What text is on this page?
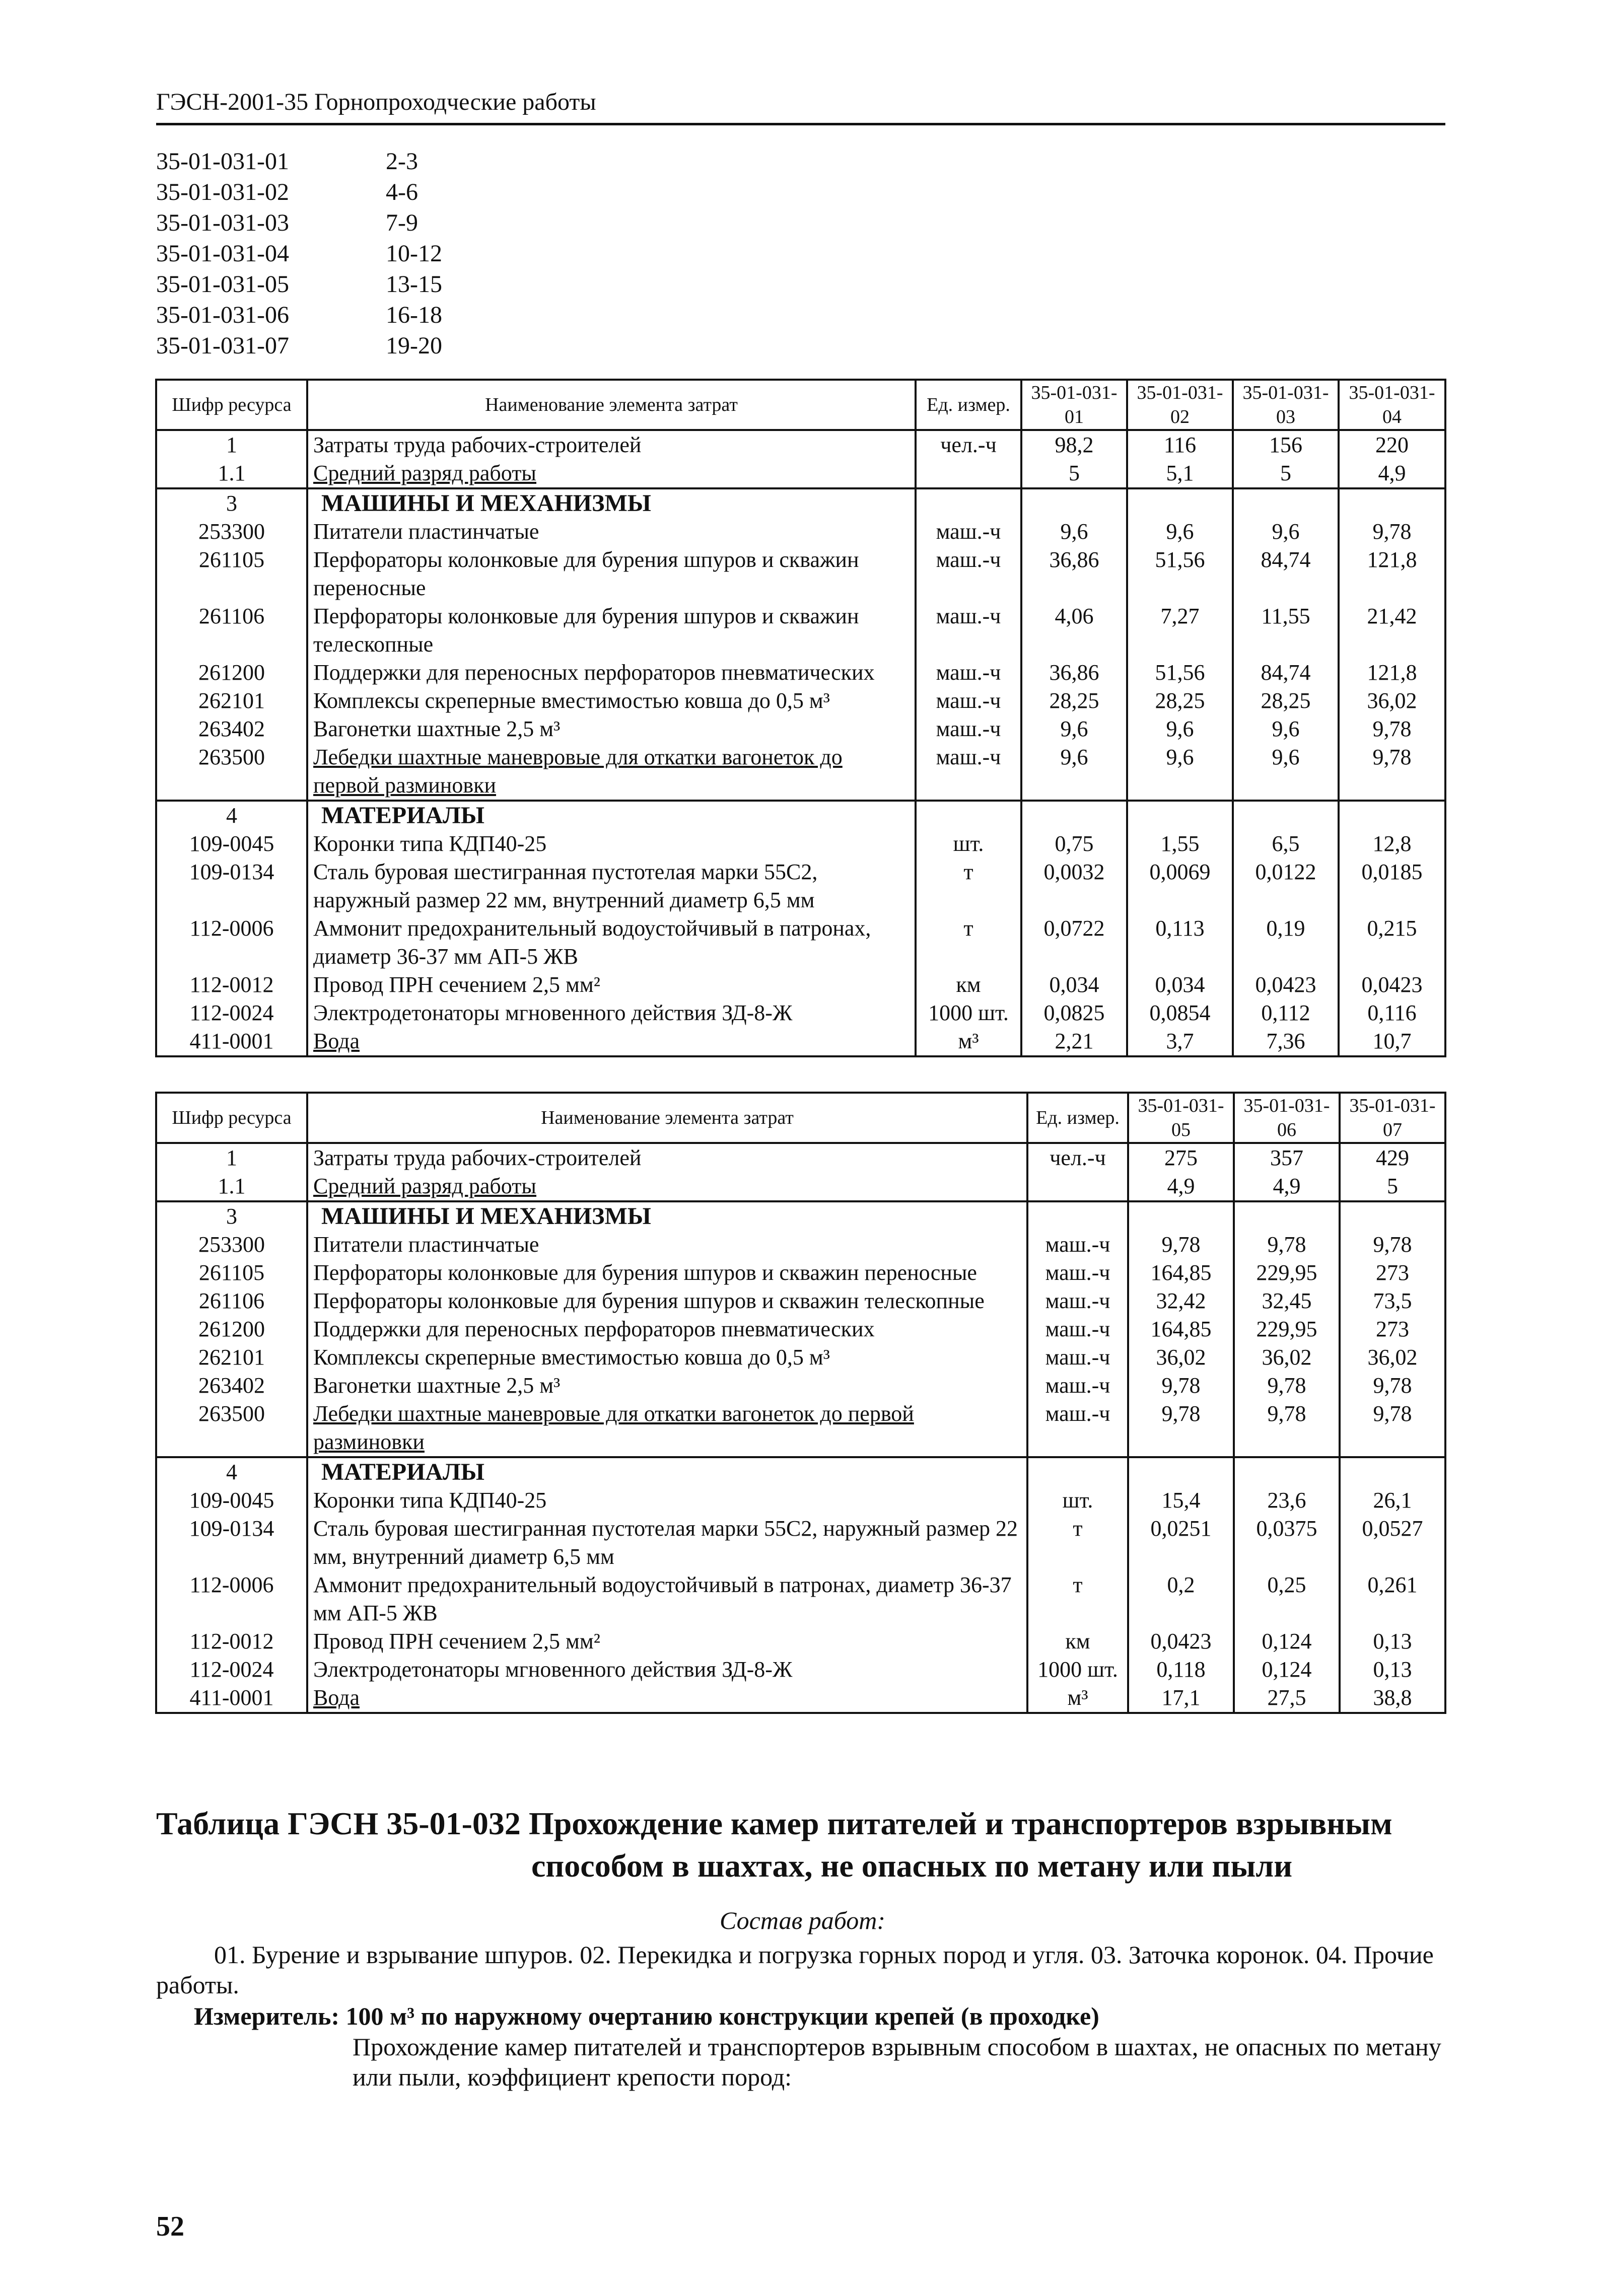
ГЭСН-2001-35 Горнопроходческие работы
35-01-031-01	2-3
35-01-031-02	4-6
35-01-031-03	7-9
35-01-031-04	10-12
35-01-031-05	13-15
35-01-031-06	16-18
35-01-031-07	19-20
Шифр ресурса	Наименование элемента затрат	Ед. измер.	35-01-031-01	35-01-031-02	35-01-031-03	35-01-031-04
1	Затраты труда рабочих-строителей	чел.-ч	98,2	116	156	220
1.1	Средний разряд работы		5	5,1	5	4,9
3	МАШИНЫ И МЕХАНИЗМЫ					
253300	Питатели пластинчатые	маш.-ч	9,6	9,6	9,6	9,78
261105	Перфораторы колонковые для бурения шпуров и скважин переносные	маш.-ч	36,86	51,56	84,74	121,8
261106	Перфораторы колонковые для бурения шпуров и скважин телескопные	маш.-ч	4,06	7,27	11,55	21,42
261200	Поддержки для переносных перфораторов пневматических	маш.-ч	36,86	51,56	84,74	121,8
262101	Комплексы скреперные вместимостью ковша до 0,5 м³	маш.-ч	28,25	28,25	28,25	36,02
263402	Вагонетки шахтные 2,5 м³	маш.-ч	9,6	9,6	9,6	9,78
263500	Лебедки шахтные маневровые для откатки вагонеток до первой разминовки	маш.-ч	9,6	9,6	9,6	9,78
4	МАТЕРИАЛЫ					
109-0045	Коронки типа КДП40-25	шт.	0,75	1,55	6,5	12,8
109-0134	Сталь буровая шестигранная пустотелая марки 55С2, наружный размер 22 мм, внутренний диаметр 6,5 мм	т	0,0032	0,0069	0,0122	0,0185
112-0006	Аммонит предохранительный водоустойчивый в патронах, диаметр 36-37 мм АП-5 ЖВ	т	0,0722	0,113	0,19	0,215
112-0012	Провод ПРН сечением 2,5 мм²	км	0,034	0,034	0,0423	0,0423
112-0024	Электродетонаторы мгновенного действия ЗД-8-Ж	1000 шт.	0,0825	0,0854	0,112	0,116
411-0001	Вода	м³	2,21	3,7	7,36	10,7
Шифр ресурса	Наименование элемента затрат	Ед. измер.	35-01-031-05	35-01-031-06	35-01-031-07
1	Затраты труда рабочих-строителей	чел.-ч	275	357	429
1.1	Средний разряд работы		4,9	4,9	5
3	МАШИНЫ И МЕХАНИЗМЫ				
253300	Питатели пластинчатые	маш.-ч	9,78	9,78	9,78
261105	Перфораторы колонковые для бурения шпуров и скважин переносные	маш.-ч	164,85	229,95	273
261106	Перфораторы колонковые для бурения шпуров и скважин телескопные	маш.-ч	32,42	32,45	73,5
261200	Поддержки для переносных перфораторов пневматических	маш.-ч	164,85	229,95	273
262101	Комплексы скреперные вместимостью ковша до 0,5 м³	маш.-ч	36,02	36,02	36,02
263402	Вагонетки шахтные 2,5 м³	маш.-ч	9,78	9,78	9,78
263500	Лебедки шахтные маневровые для откатки вагонеток до первой разминовки	маш.-ч	9,78	9,78	9,78
4	МАТЕРИАЛЫ				
109-0045	Коронки типа КДП40-25	шт.	15,4	23,6	26,1
109-0134	Сталь буровая шестигранная пустотелая марки 55С2, наружный размер 22 мм, внутренний диаметр 6,5 мм	т	0,0251	0,0375	0,0527
112-0006	Аммонит предохранительный водоустойчивый в патронах, диаметр 36-37 мм АП-5 ЖВ	т	0,2	0,25	0,261
112-0012	Провод ПРН сечением 2,5 мм²	км	0,0423	0,124	0,13
112-0024	Электродетонаторы мгновенного действия ЗД-8-Ж	1000 шт.	0,118	0,124	0,13
411-0001	Вода	м³	17,1	27,5	38,8
Таблица ГЭСН 35-01-032 Прохождение камер питателей и транспортеров взрывным
способом в шахтах, не опасных по метану или пыли
Состав работ:
01. Бурение и взрывание шпуров. 02. Перекидка и погрузка горных пород и угля. 03. Заточка коронок. 04. Прочие работы.
Измеритель: 100 м³ по наружному очертанию конструкции крепей (в проходке)
Прохождение камер питателей и транспортеров взрывным способом в шахтах, не опасных по метану или пыли, коэффициент крепости пород:
52
